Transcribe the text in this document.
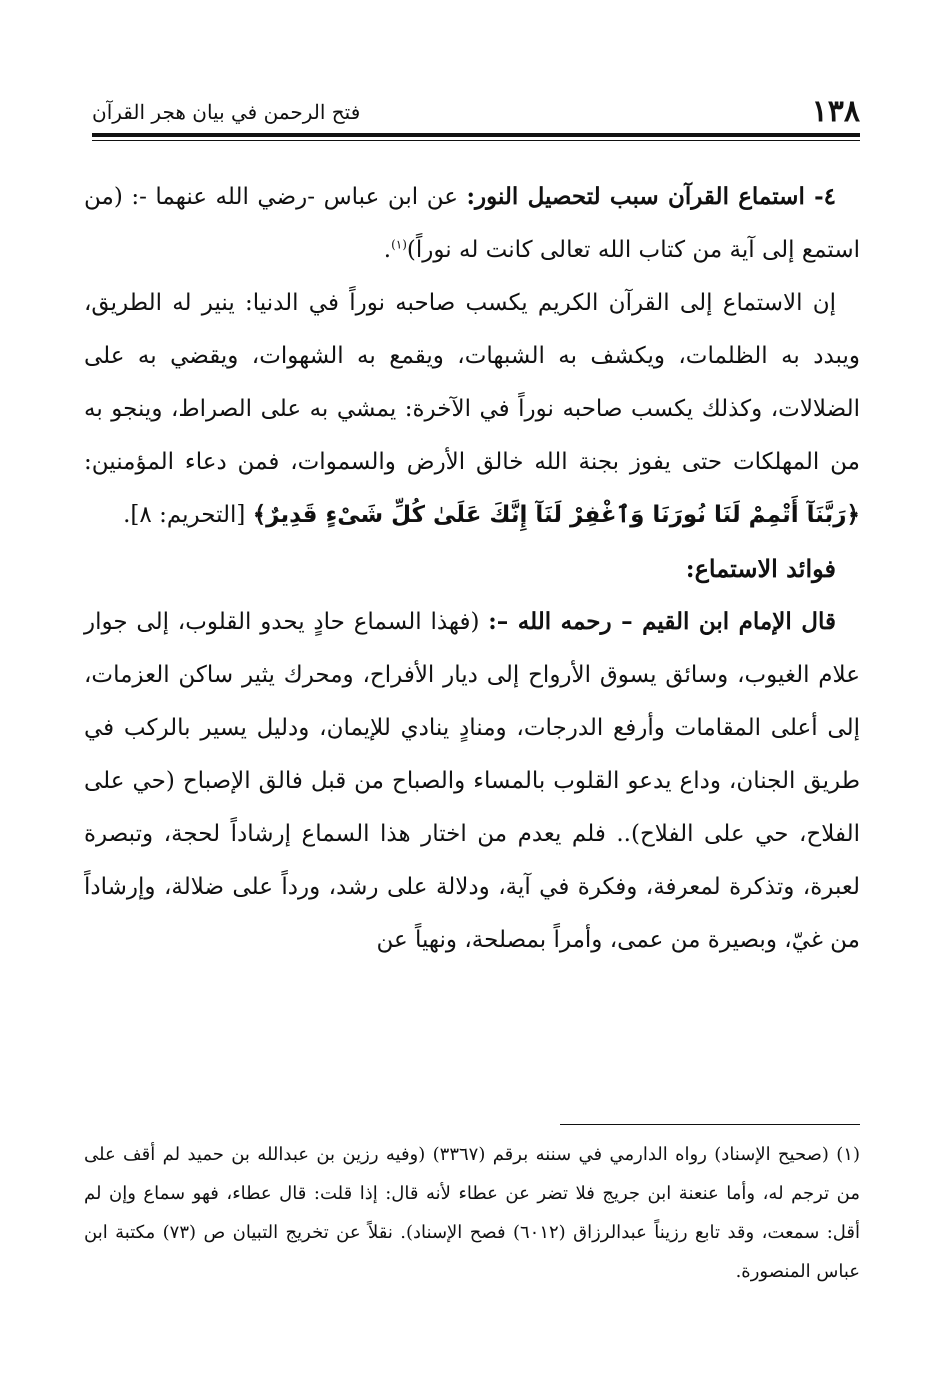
١٣٨
فتح الرحمن في بيان هجر القرآن

٤- استماع القرآن سبب لتحصيل النور: عن ابن عباس -رضي الله عنهما -: (من استمع إلى آية من كتاب الله تعالى كانت له نوراً)$^{(١)}$.

إن الاستماع إلى القرآن الكريم يكسب صاحبه نوراً في الدنيا: ينير له الطريق، ويبدد به الظلمات، ويكشف به الشبهات، ويقمع به الشهوات، ويقضي به على الضلالات، وكذلك يكسب صاحبه نوراً في الآخرة: يمشي به على الصراط، وينجو به من المهلكات حتى يفوز بجنة الله خالق الأرض والسموات، فمن دعاء المؤمنين: ﴿رَبَّنَآ أَتْمِمْ لَنَا نُورَنَا وَٱغْفِرْ لَنَآ إِنَّكَ عَلَىٰ كُلِّ شَىْءٍ قَدِيرٌ﴾ [التحريم: ٨].

فوائد الاستماع:

قال الإمام ابن القيم – رحمه الله –: (فهذا السماع حادٍ يحدو القلوب، إلى جوار علام الغيوب، وسائق يسوق الأرواح إلى ديار الأفراح، ومحرك يثير ساكن العزمات، إلى أعلى المقامات وأرفع الدرجات، ومنادٍ ينادي للإيمان، ودليل يسير بالركب في طريق الجنان، وداع يدعو القلوب بالمساء والصباح من قبل فالق الإصباح (حي على الفلاح، حي على الفلاح).. فلم يعدم من اختار هذا السماع إرشاداً لحجة، وتبصرة لعبرة، وتذكرة لمعرفة، وفكرة في آية، ودلالة على رشد، ورداً على ضلالة، وإرشاداً من غيّ، وبصيرة من عمى، وأمراً بمصلحة، ونهياً عن

(١) (صحيح الإسناد) رواه الدارمي في سننه برقم (٣٣٦٧) (وفيه رزين بن عبدالله بن حميد لم أقف على من ترجم له، وأما عنعنة ابن جريج فلا تضر عن عطاء لأنه قال: إذا قلت: قال عطاء، فهو سماع وإن لم أقل: سمعت، وقد تابع رزيناً عبدالرزاق (٦٠١٢) فصح الإسناد). نقلاً عن تخريج التبيان ص (٧٣) مكتبة ابن عباس المنصورة.
